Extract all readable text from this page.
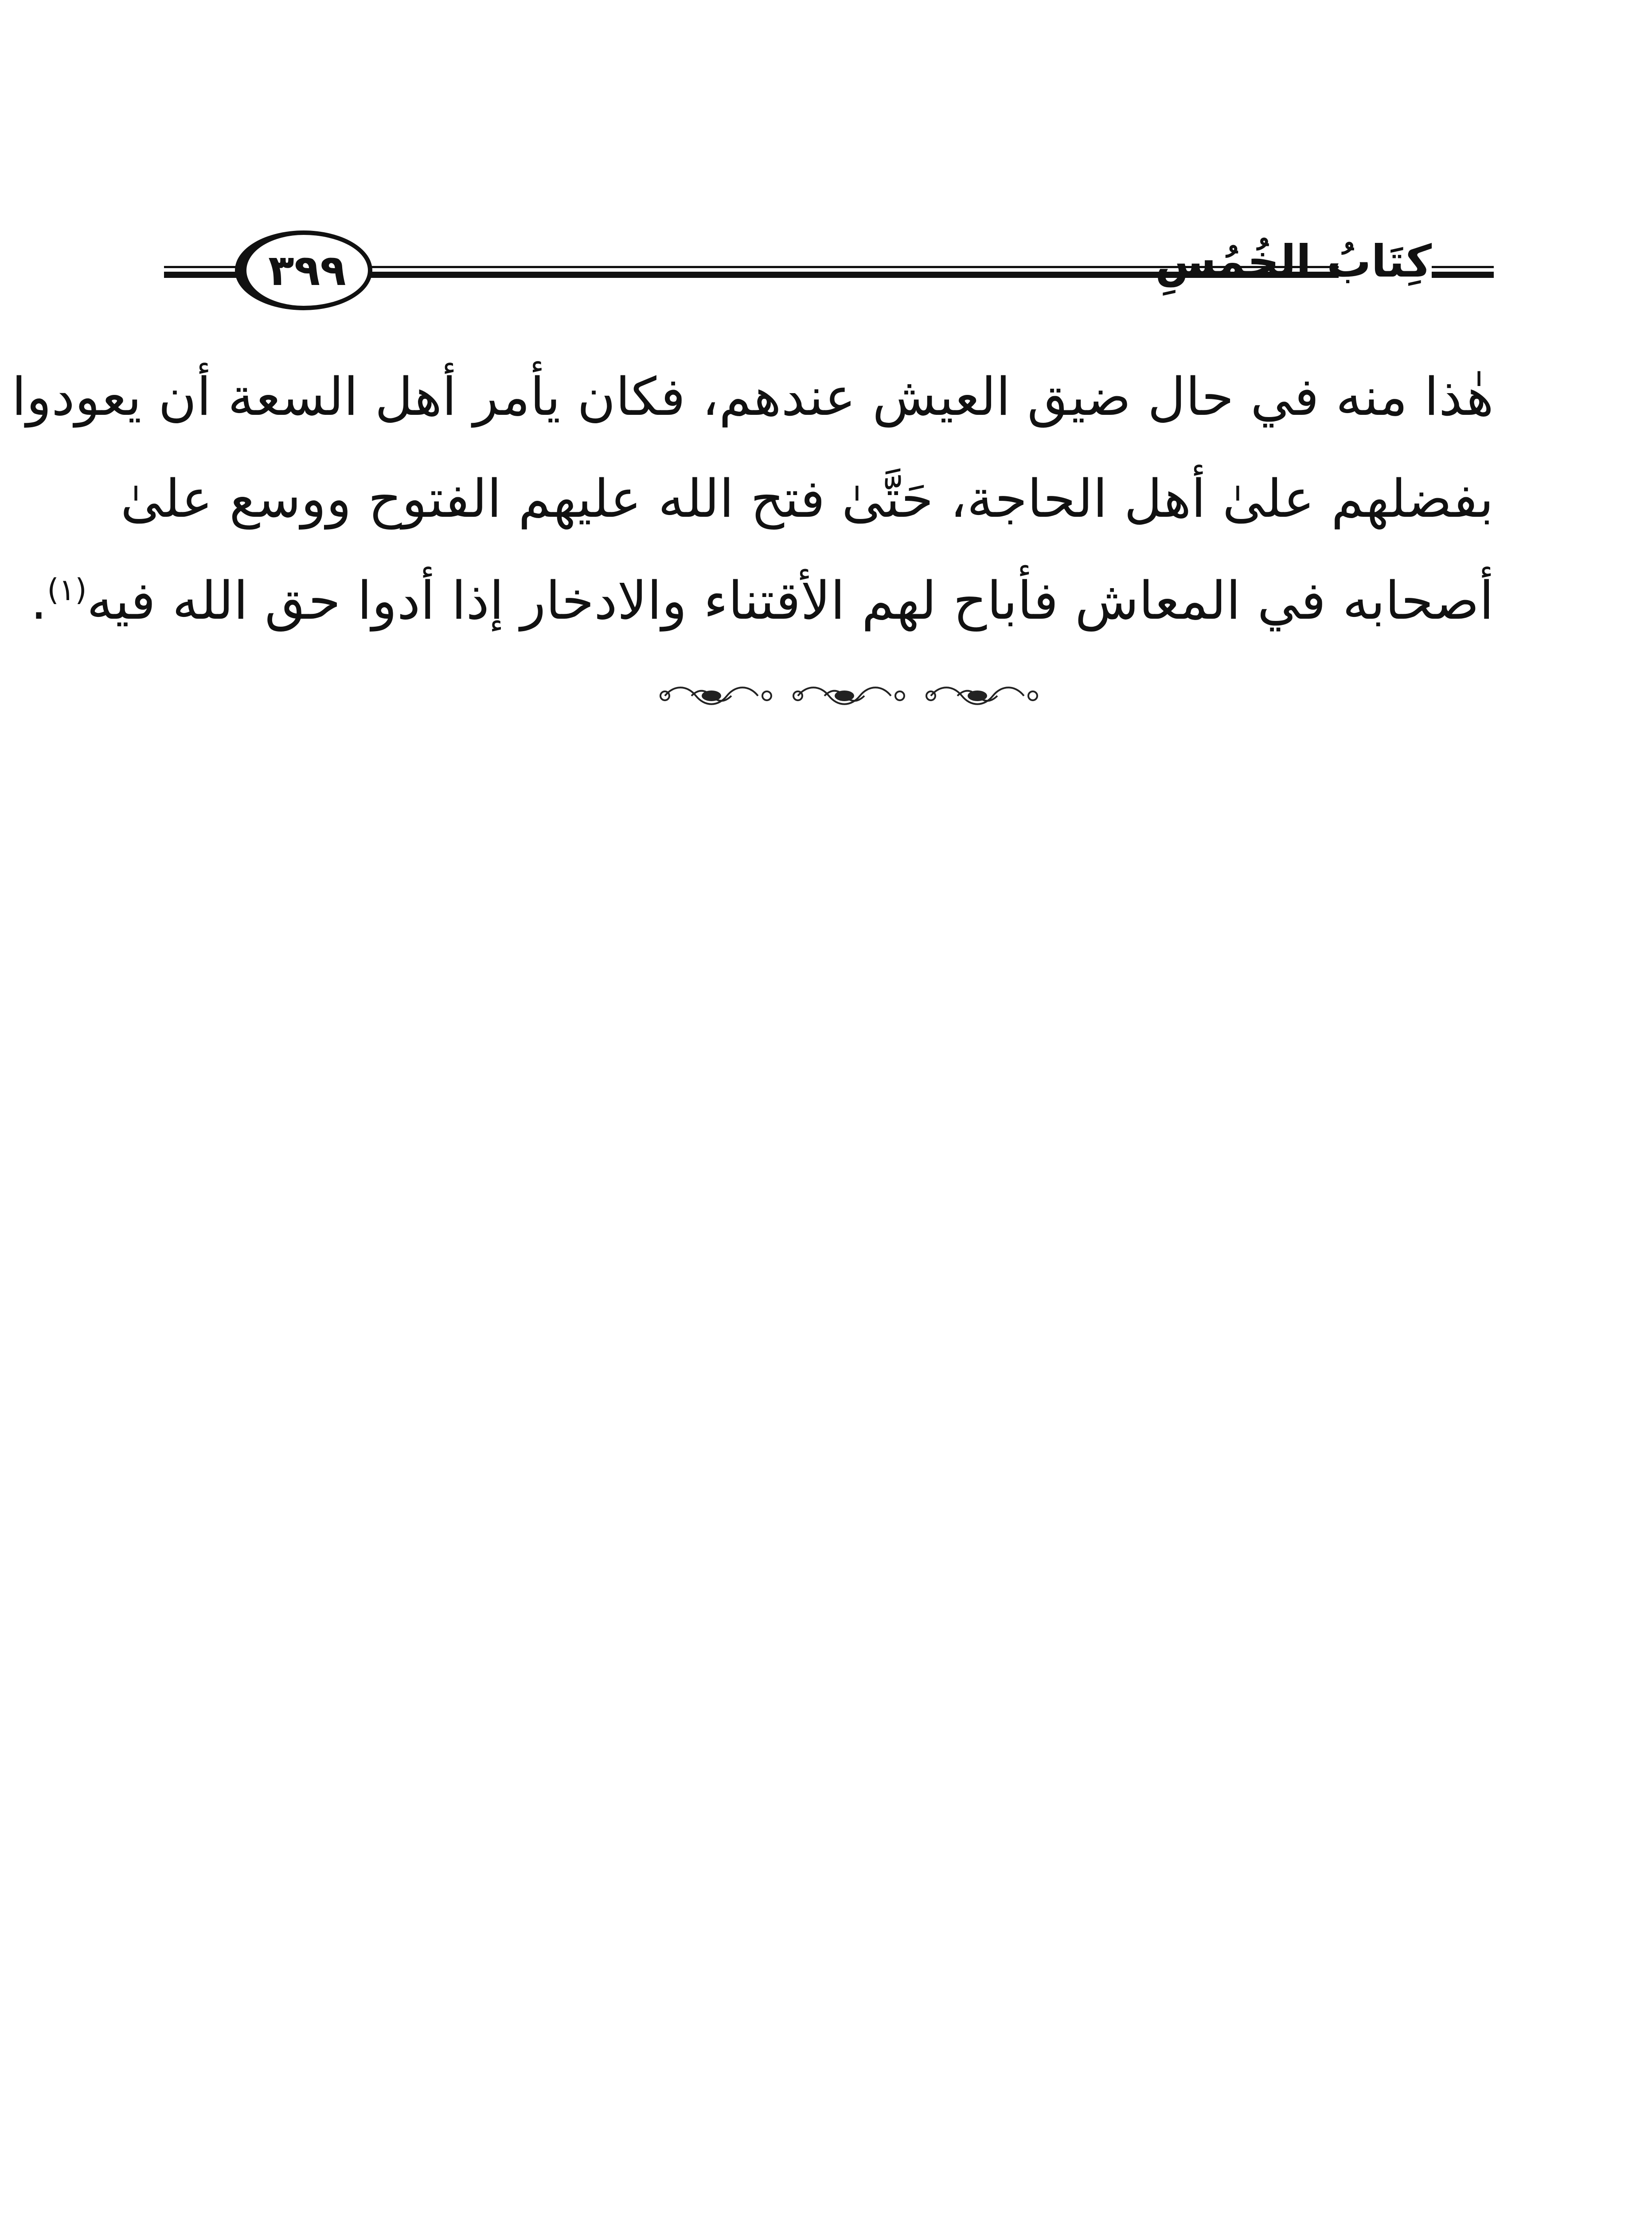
٣٩٩	كِتَابُ الخُمُسِ
هٰذا منه في حال ضيق العيش عندهم، فكان يأمر أهل السعة أن يعودوا
بفضلهم علىٰ أهل الحاجة، حَتَّىٰ فتح الله عليهم الفتوح ووسع علىٰ
أصحابه في المعاش فأباح لهم الأقتناء والادخار إذا أدوا حق الله فيه$^{(١)}$.
